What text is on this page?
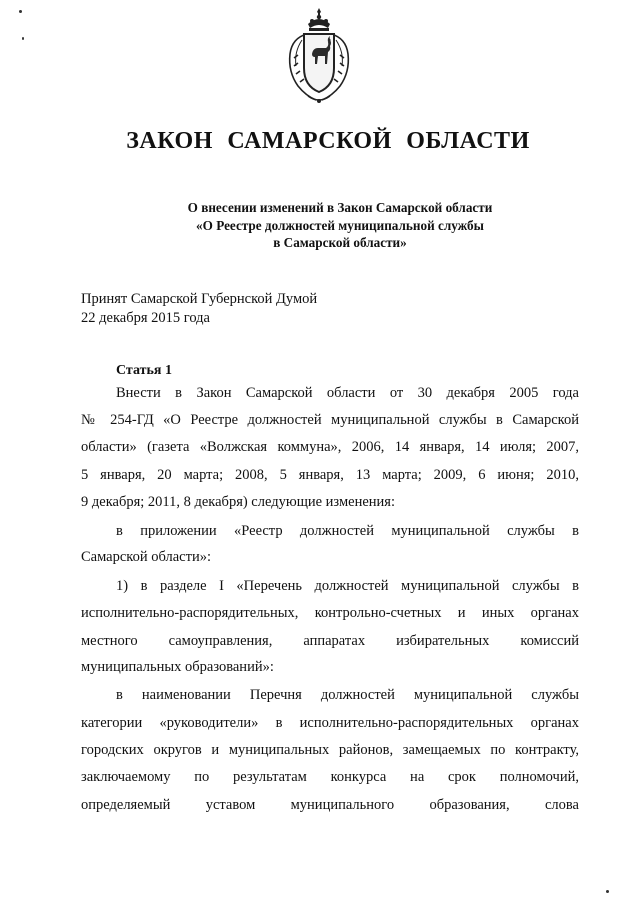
ЗАКОН САМАРСКОЙ ОБЛАСТИ
О внесении изменений в Закон Самарской области
«О Реестре должностей муниципальной службы
в Самарской области»
Принят Самарской Губернской Думой
22 декабря 2015 года
Статья 1
Внести в Закон Самарской области от 30 декабря 2005 года
№ 254-ГД «О Реестре должностей муниципальной службы в Самарской
области» (газета «Волжская коммуна», 2006, 14 января, 14 июля; 2007,
5 января, 20 марта; 2008, 5 января, 13 марта; 2009, 6 июня; 2010,
9 декабря; 2011, 8 декабря) следующие изменения:
в приложении «Реестр должностей муниципальной службы в
Самарской области»:
1) в разделе I «Перечень должностей муниципальной службы в
исполнительно-распорядительных, контрольно-счетных и иных органах
местного самоуправления, аппаратах избирательных комиссий
муниципальных образований»:
в наименовании Перечня должностей муниципальной службы
категории «руководители» в исполнительно-распорядительных органах
городских округов и муниципальных районов, замещаемых по контракту,
заключаемому по результатам конкурса на срок полномочий,
определяемый уставом муниципального образования, слова
